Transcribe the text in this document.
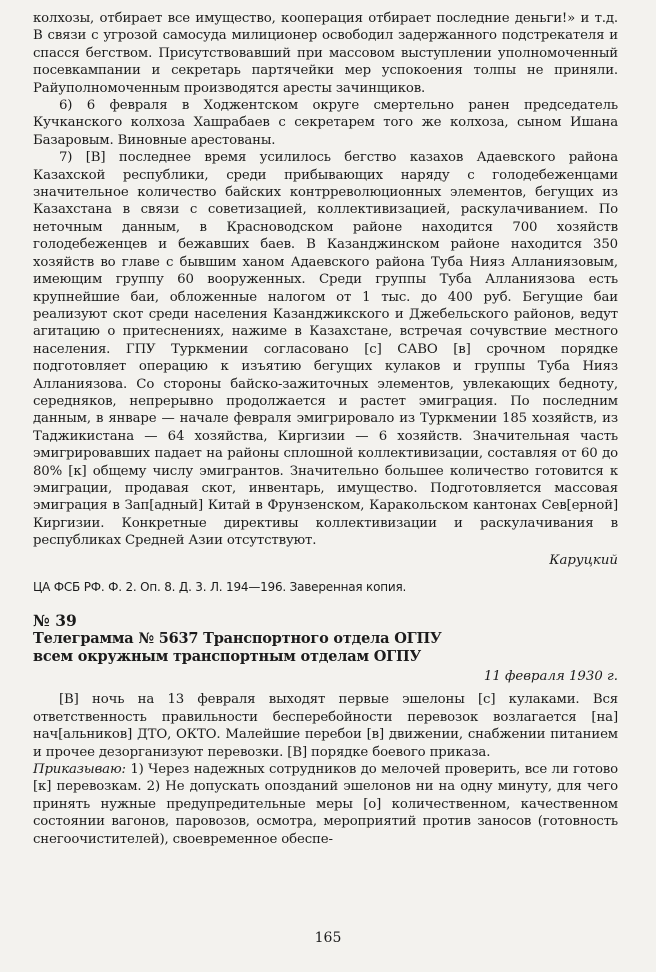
колхозы, отбирает все имущество, кооперация отбирает последние деньги!» и т.д. В связи с угрозой самосуда милиционер освободил задержанного подстрекателя и спасся бегством. Присутствовавший при массовом выступлении уполномоченный посевкампании и секретарь партячейки мер успокоения толпы не приняли. Райуполномоченным производятся аресты зачинщиков.

6) 6 февраля в Ходжентском округе смертельно ранен председатель Кучканского колхоза Хашрабаев с секретарем того же колхоза, сыном Ишана Базаровым. Виновные арестованы.

7) [В] последнее время усилилось бегство казахов Адаевского района Казахской республики, среди прибывающих наряду с голодебеженцами значительное количество байских контрреволюционных элементов, бегущих из Казахстана в связи с советизацией, коллективизацией, раскулачиванием. По неточным данным, в Красноводском районе находится 700 хозяйств голодебеженцев и бежавших баев. В Казанджинском районе находится 350 хозяйств во главе с бывшим ханом Адаевского района Туба Нияз Алланиязовым, имеющим группу 60 вооруженных. Среди группы Туба Алланиязова есть крупнейшие баи, обложенные налогом от 1 тыс. до 400 руб. Бегущие баи реализуют скот среди населения Казанджикского и Джебельского районов, ведут агитацию о притеснениях, нажиме в Казахстане, встречая сочувствие местного населения. ГПУ Туркмении согласовано [с] САВО [в] срочном порядке подготовляет операцию к изъятию бегущих кулаков и группы Туба Нияз Алланиязова. Со стороны байско-зажиточных элементов, увлекающих бедноту, середняков, непрерывно продолжается и растет эмиграция. По последним данным, в январе — начале февраля эмигрировало из Туркмении 185 хозяйств, из Таджикистана — 64 хозяйства, Киргизии — 6 хозяйств. Значительная часть эмигрировавших падает на районы сплошной коллективизации, составляя от 60 до 80% [к] общему числу эмигрантов. Значительно большее количество готовится к эмиграции, продавая скот, инвентарь, имущество. Подготовляется массовая эмиграция в Зап[адный] Китай в Фрунзенском, Каракольском кантонах Сев[ерной] Киргизии. Конкретные директивы коллективизации и раскулачивания в республиках Средней Азии отсутствуют.

Каруцкий

ЦА ФСБ РФ. Ф. 2. Оп. 8. Д. 3. Л. 194—196. Заверенная копия.

№ 39

Телеграмма № 5637 Транспортного отдела ОГПУ

всем окружным транспортным отделам ОГПУ

11 февраля 1930 г.

[В] ночь на 13 февраля выходят первые эшелоны [с] кулаками. Вся ответственность правильности бесперебойности перевозок возлагается [на] нач[альников] ДТО, ОКТО. Малейшие перебои [в] движении, снабжении питанием и прочее дезорганизуют перевозки. [В] порядке боевого приказа.

Приказываю: 1) Через надежных сотрудников до мелочей проверить, все ли готово [к] перевозкам. 2) Не допускать опозданий эшелонов ни на одну минуту, для чего принять нужные предупредительные меры [о] количественном, качественном состоянии вагонов, паровозов, осмотра, мероприятий против заносов (готовность снегоочистителей), своевременное обеспе-

165
